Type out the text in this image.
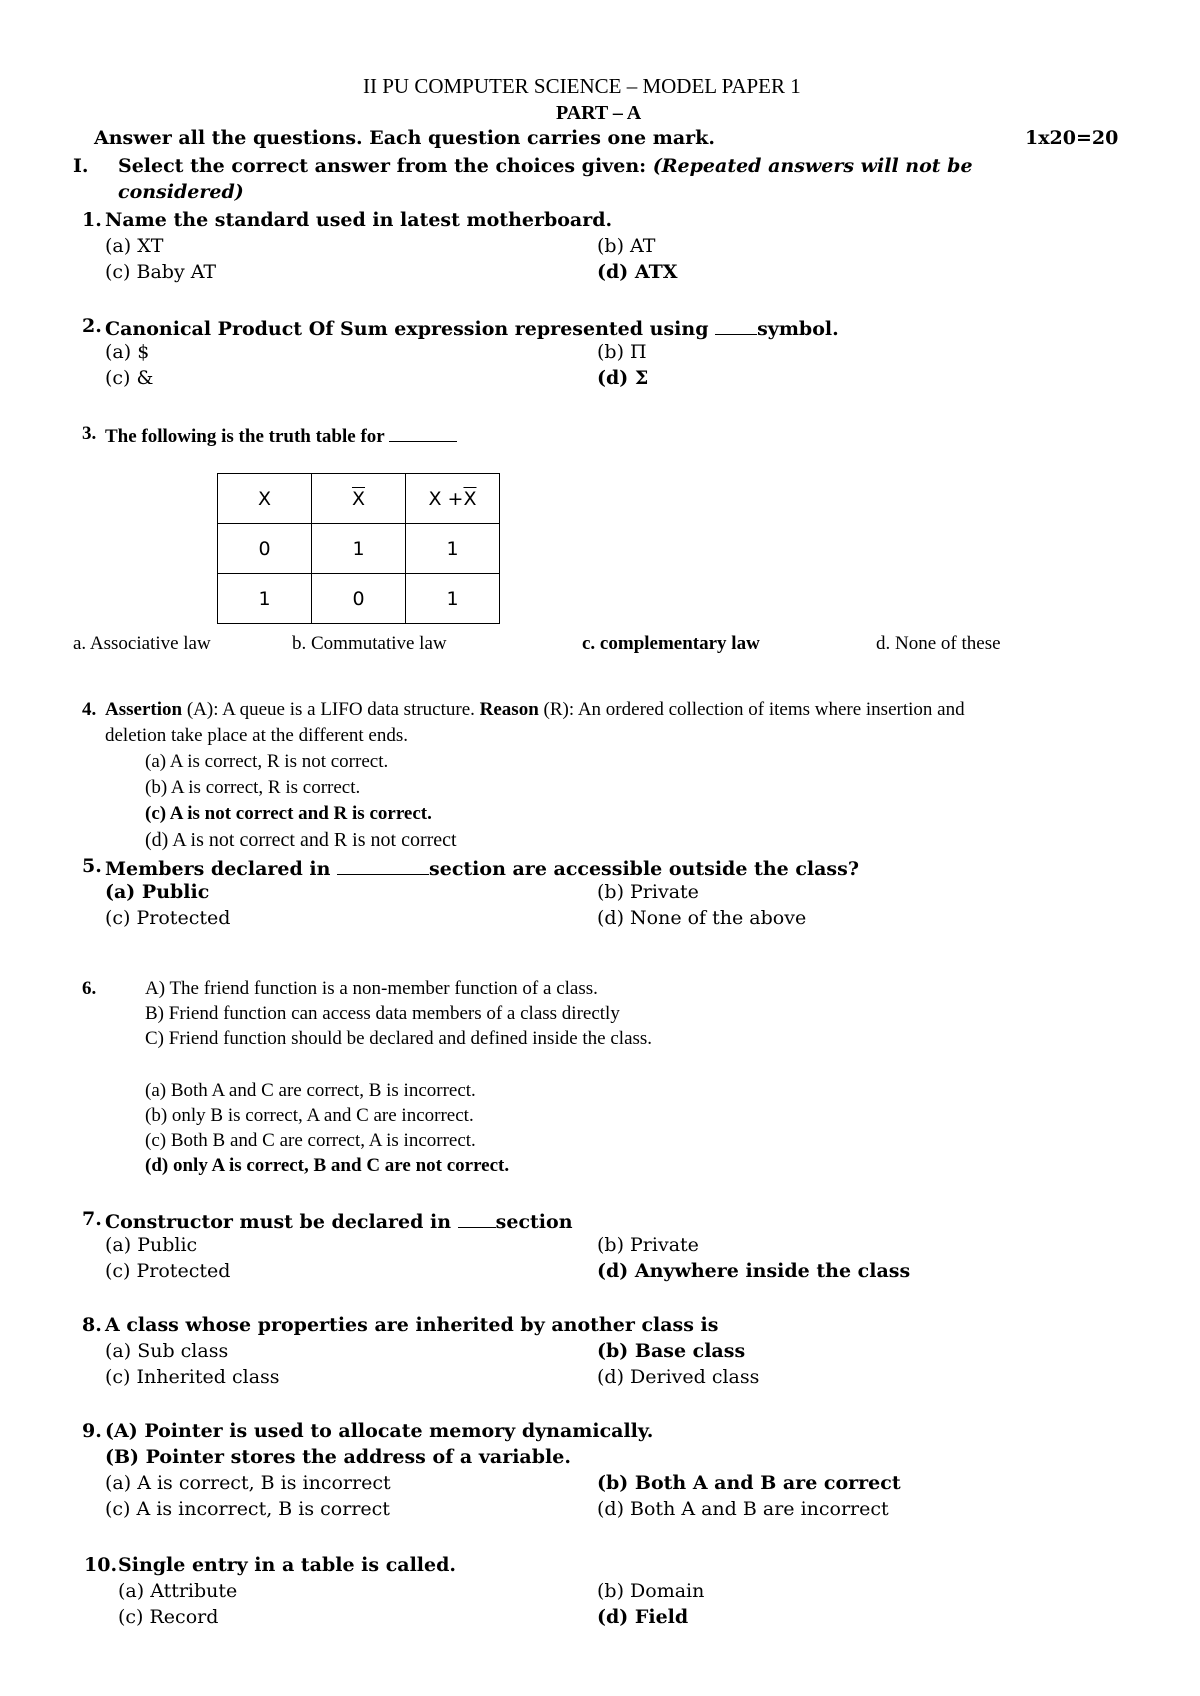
II PU COMPUTER SCIENCE – MODEL PAPER 1
PART – A
Answer all the questions. Each question carries one mark.	1x20=20
I. Select the correct answer from the choices given: (Repeated answers will not be
considered)
1. Name the standard used in latest motherboard.
(a) XT	(b) AT
(c) Baby AT	(d) ATX
2. Canonical Product Of Sum expression represented using symbol.
(a) $	(b) Π
(c) &	(d) Σ
3. The following is the truth table for
X	$\overline{X}$	$X +\overline{X}$
0	1	1
1	0	1
a. Associative law	b. Commutative law	c. complementary law	d. None of these
4. Assertion (A): A queue is a LIFO data structure. Reason (R): An ordered collection of items where insertion and
deletion take place at the different ends.
(a) A is correct, R is not correct.
(b) A is correct, R is correct.
(c) A is not correct and R is correct.
(d) A is not correct and R is not correct
5. Members declared in	section are accessible outside the class?
(a) Public	(b) Private
(c) Protected	(d) None of the above
6.	A) The friend function is a non-member function of a class.
B) Friend function can access data members of a class directly
C) Friend function should be declared and defined inside the class.
(a) Both A and C are correct, B is incorrect.
(b) only B is correct, A and C are incorrect.
(c) Both B and C are correct, A is incorrect.
(d) only A is correct, B and C are not correct.
7. Constructor must be declared in section
(a) Public	(b) Private
(c) Protected	(d) Anywhere inside the class
8. A class whose properties are inherited by another class is
(a) Sub class	(b) Base class
(c) Inherited class	(d) Derived class
9. (A) Pointer is used to allocate memory dynamically.
(B) Pointer stores the address of a variable.
(a) A is correct, B is incorrect	(b) Both A and B are correct
(c) A is incorrect, B is correct	(d) Both A and B are incorrect
10. Single entry in a table is called.
(a) Attribute	(b) Domain
(c) Record	(d) Field
